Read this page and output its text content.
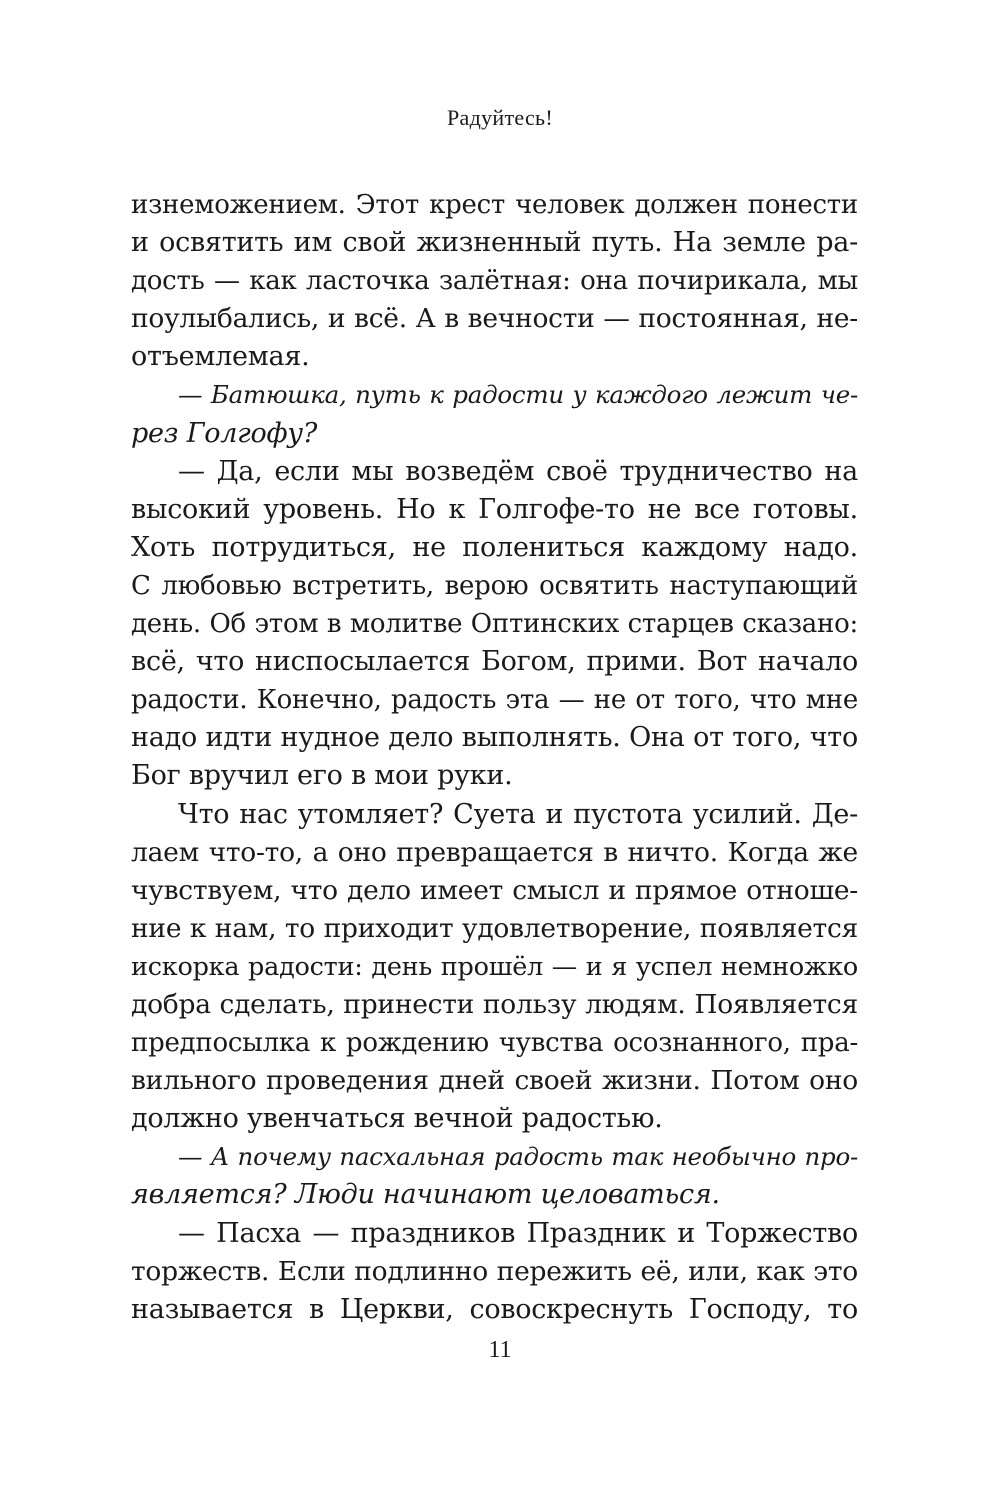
Радуйтесь!
изнеможением. Этот крест человек должен понести
и освятить им свой жизненный путь. На земле ра-
дость — как ласточка залётная: она почирикала, мы
поулыбались, и всё. А в вечности — постоянная, не-
отъемлемая.
— Батюшка, путь к радости у каждого лежит че-
рез Голгофу?
— Да, если мы возведём своё трудничество на
высокий уровень. Но к Голгофе-то не все готовы.
Хоть потрудиться, не полениться каждому надо.
С любовью встретить, верою освятить наступающий
день. Об этом в молитве Оптинских старцев сказано:
всё, что ниспосылается Богом, прими. Вот начало
радости. Конечно, радость эта — не от того, что мне
надо идти нудное дело выполнять. Она от того, что
Бог вручил его в мои руки.
Что нас утомляет? Суета и пустота усилий. Де-
лаем что-то, а оно превращается в ничто. Когда же
чувствуем, что дело имеет смысл и прямое отноше-
ние к нам, то приходит удовлетворение, появляется
искорка радости: день прошёл — и я успел немножко
добра сделать, принести пользу людям. Появляется
предпосылка к рождению чувства осознанного, пра-
вильного проведения дней своей жизни. Потом оно
должно увенчаться вечной радостью.
— А почему пасхальная радость так необычно про-
является? Люди начинают целоваться.
— Пасха — праздников Праздник и Торжество
торжеств. Если подлинно пережить её, или, как это
называется в Церкви, совоскреснуть Господу, то
11
